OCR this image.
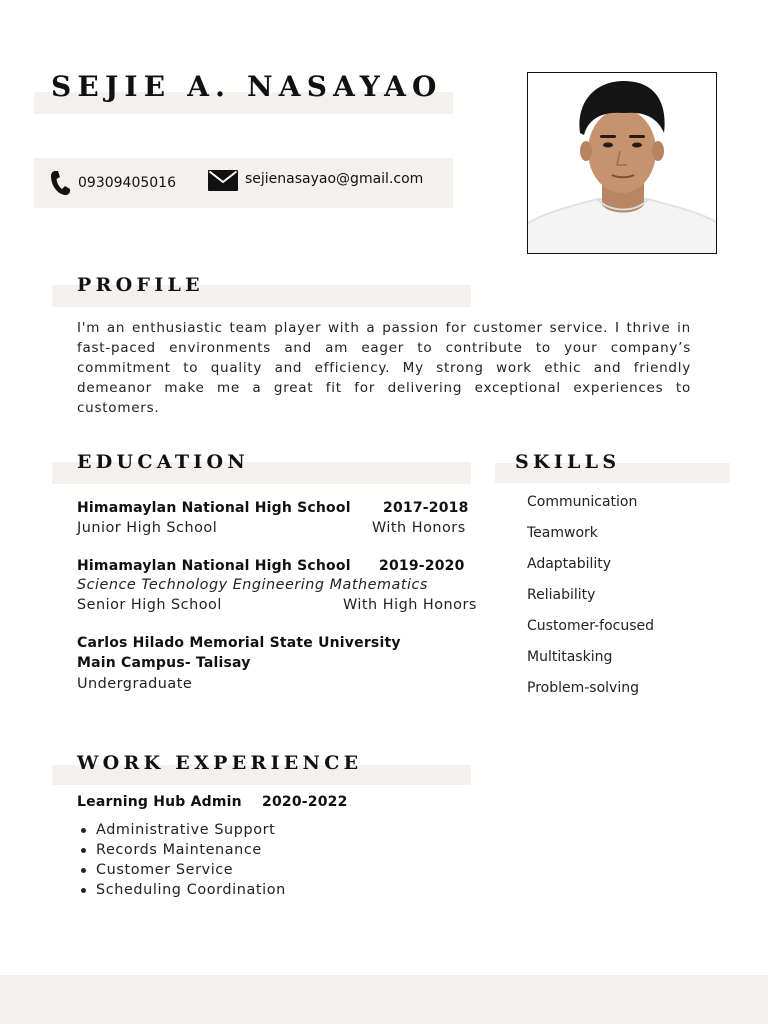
SEJIE A. NASAYAO
09309405016	sejienasayao@gmail.com
PROFILE

I'm an enthusiastic team player with a passion for customer service. I thrive in fast-paced environments and am eager to contribute to your company’s commitment to quality and efficiency. My strong work ethic and friendly demeanor make me a great fit for delivering exceptional experiences to customers.

EDUCATION
Himamaylan National High School 2017-2018
Junior High School	With Honors
Himamaylan National High School 2019-2020
Science Technology Engineering Mathematics
Senior High School	With High Honors
Carlos Hilado Memorial State University
Main Campus- Talisay
Undergraduate
SKILLS
Communication
Teamwork
Adaptability
Reliability
Customer-focused
Multitasking
Problem-solving
WORK EXPERIENCE
Learning Hub Admin 2020-2022
Administrative Support
Records Maintenance
Customer Service
Scheduling Coordination
